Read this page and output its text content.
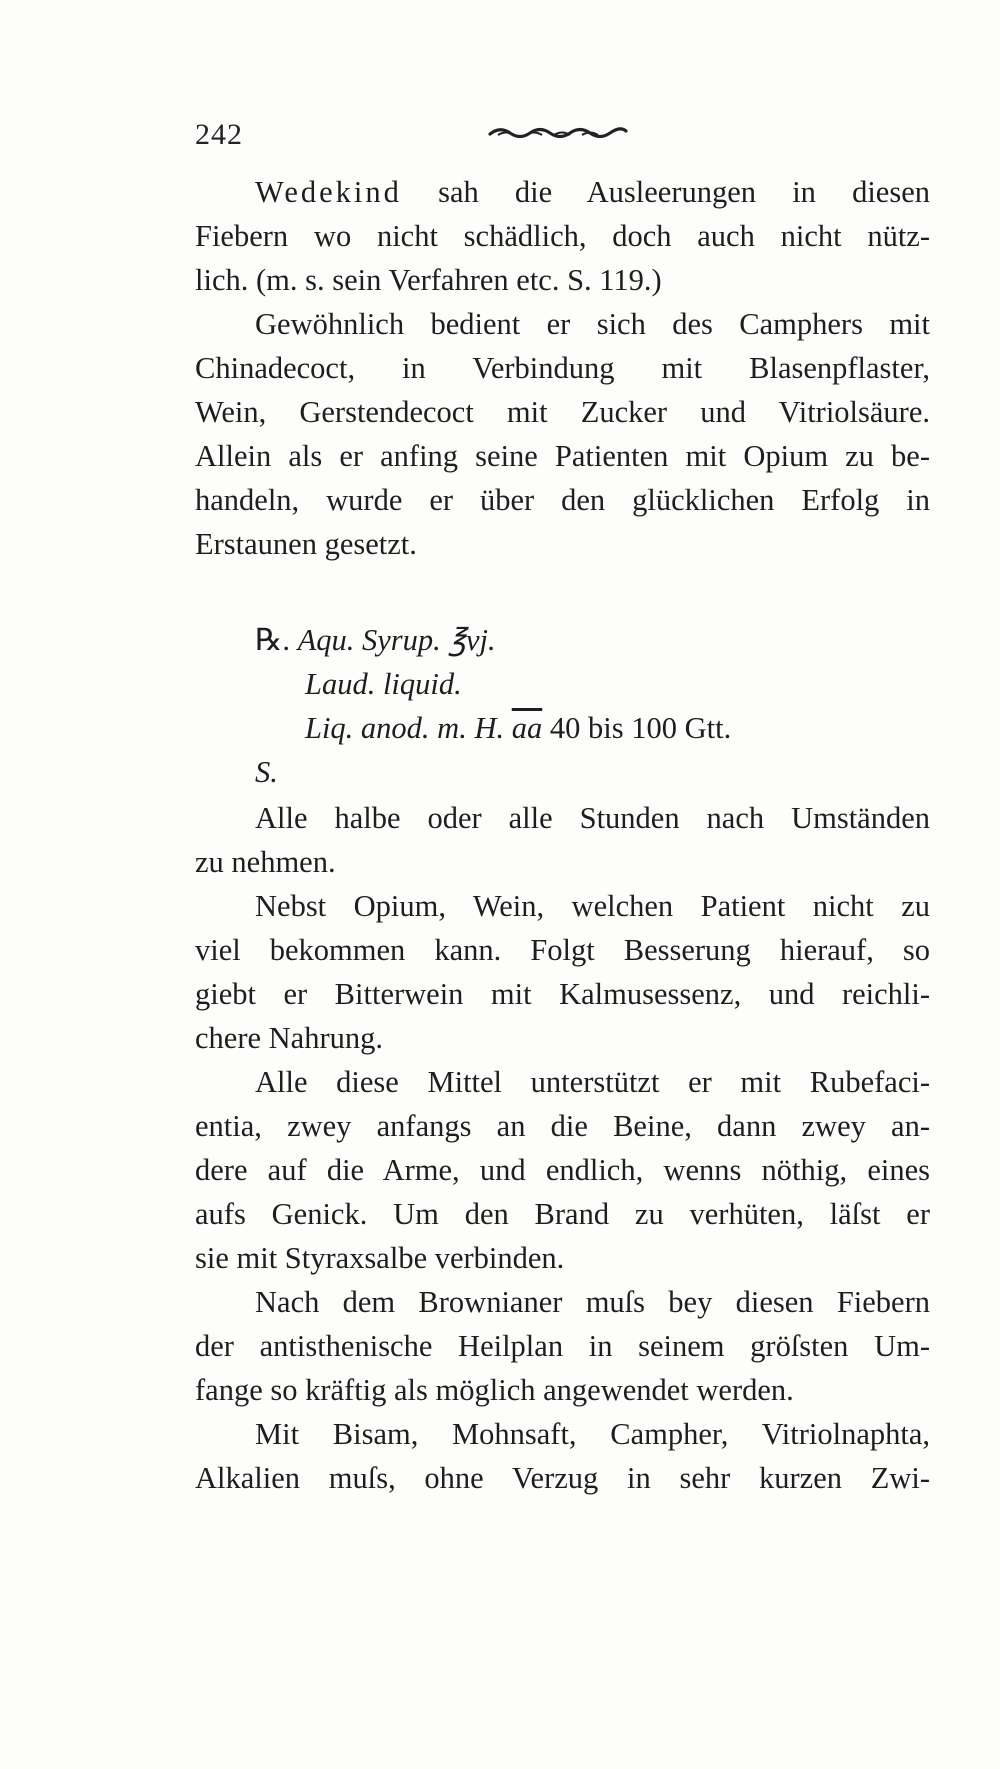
242
Wedekind sah die Ausleerungen in diesen
Fiebern wo nicht schädlich, doch auch nicht nütz-
lich. (m. s. sein Verfahren etc. S. 119.)
Gewöhnlich bedient er sich des Camphers mit
Chinadecoct, in Verbindung mit Blasenpflaster,
Wein, Gerstendecoct mit Zucker und Vitriolsäure.
Allein als er anfing seine Patienten mit Opium zu be-
handeln, wurde er über den glücklichen Erfolg in
Erstaunen gesetzt.
℞. Aqu. Syrup. ℥vj.
Laud. liquid.
Liq. anod. m. H. $\overline{aa}$ 40 bis 100 Gtt.
S.
Alle halbe oder alle Stunden nach Umständen
zu nehmen.
Nebst Opium, Wein, welchen Patient nicht zu
viel bekommen kann. Folgt Besserung hierauf, so
giebt er Bitterwein mit Kalmusessenz, und reichli-
chere Nahrung.
Alle diese Mittel unterstützt er mit Rubefaci-
entia, zwey anfangs an die Beine, dann zwey an-
dere auf die Arme, und endlich, wenns nöthig, eines
aufs Genick. Um den Brand zu verhüten, läſst er
sie mit Styraxsalbe verbinden.
Nach dem Brownianer muſs bey diesen Fiebern
der antisthenische Heilplan in seinem gröſsten Um-
fange so kräftig als möglich angewendet werden.
Mit Bisam, Mohnsaft, Campher, Vitriolnaphta,
Alkalien muſs, ohne Verzug in sehr kurzen Zwi-
